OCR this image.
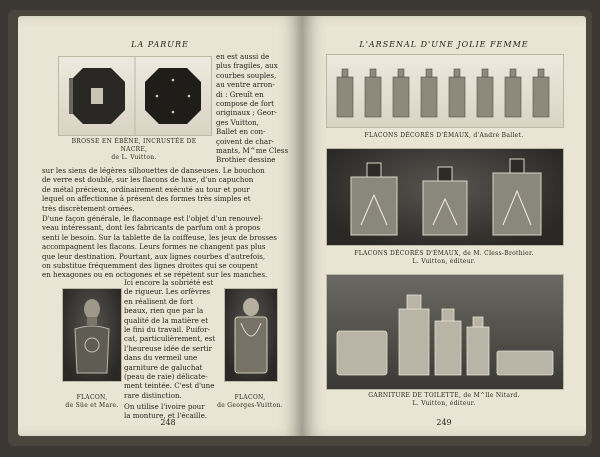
LA PARURE
BROSSE EN ÉBÈNE, INCRUSTÉE DE NACRE,
de L. Vuitton.
en est aussi de
plus fragiles, aux
courbes souples,
au ventre arron-
di : Greuît en
compose de fort
originaux ; Geor-
ges Vuitton,
Ballet en con-
çoivent de char-
mants, M^me Cless
Brothier dessine
sur les siens de légères silhouettes de danseuses. Le bouchon
de verre est doublé, sur les flacons de luxe, d'un capuchon
de métal précieux, ordinairement exécuté au tour et pour
lequel on affectionne à présent des formes très simples et
très discrètement ornées.
D'une façon générale, le flaconnage est l'objet d'un renouvel-
veau intéressant, dont les fabricants de parfum ont à propos
senti le besoin. Sur la tablette de la coiffeuse, les jeux de brosses
accompagnent les flacons. Leurs formes ne changent pas plus
que leur destination. Pourtant, aux lignes courbes d'autrefois,
on substitue fréquemment des lignes droites qui se coupent
en hexagones ou en octogones et se répètent sur les manches.
FLACON,
de Süe et Mare.
Ici encore la sobriété est
de rigueur. Les orfèvres
en réalisent de fort
beaux, rien que par la
qualité de la matière et
le fini du travail. Puifor-
cat, particulièrement, est
l'heureuse idée de sertir
dans du vermeil une
garniture de galuchat
(peau de raie) délicate-
ment teintée. C'est d'une
rare distinction.
On utilise l'ivoire pour
la monture, et l'écaille.
FLACON,
de Georges-Vuitton.
248
L'ARSENAL D'UNE JOLIE FEMME
FLACONS DÉCORÉS D'ÉMAUX, d'André Ballet.
FLACONS DÉCORÉS D'ÉMAUX, de M. Cless-Brothier.
L. Vuitton, éditeur.
GARNITURE DE TOILETTE, de M^lle Nitard.
L. Vuitton, éditeur.
249
